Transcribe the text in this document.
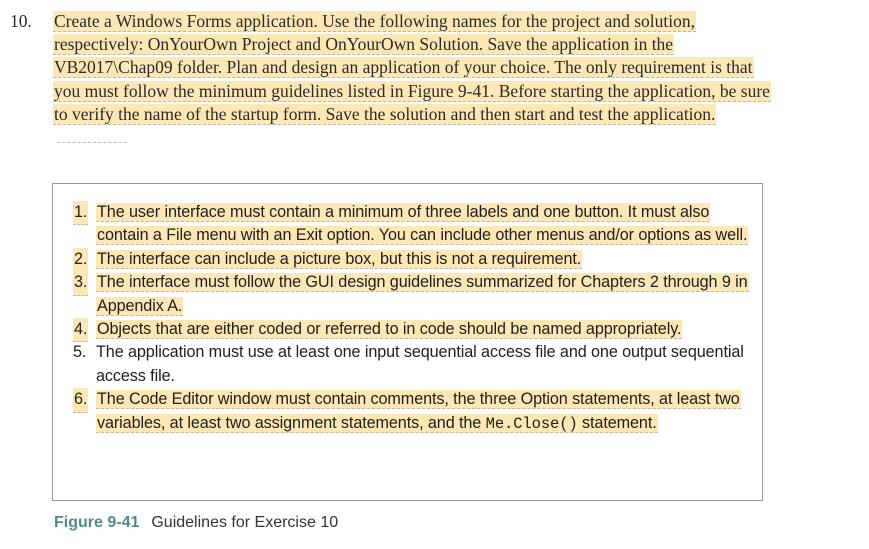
10. Create a Windows Forms application. Use the following names for the project and solution, respectively: OnYourOwn Project and OnYourOwn Solution. Save the application in the VB2017\Chap09 folder. Plan and design an application of your choice. The only requirement is that you must follow the minimum guidelines listed in Figure 9-41. Before starting the application, be sure to verify the name of the startup form. Save the solution and then start and test the application.
1. The user interface must contain a minimum of three labels and one button. It must also contain a File menu with an Exit option. You can include other menus and/or options as well.
2. The interface can include a picture box, but this is not a requirement.
3. The interface must follow the GUI design guidelines summarized for Chapters 2 through 9 in Appendix A.
4. Objects that are either coded or referred to in code should be named appropriately.
5. The application must use at least one input sequential access file and one output sequential access file.
6. The Code Editor window must contain comments, the three Option statements, at least two variables, at least two assignment statements, and the Me.Close() statement.
Figure 9-41 Guidelines for Exercise 10
